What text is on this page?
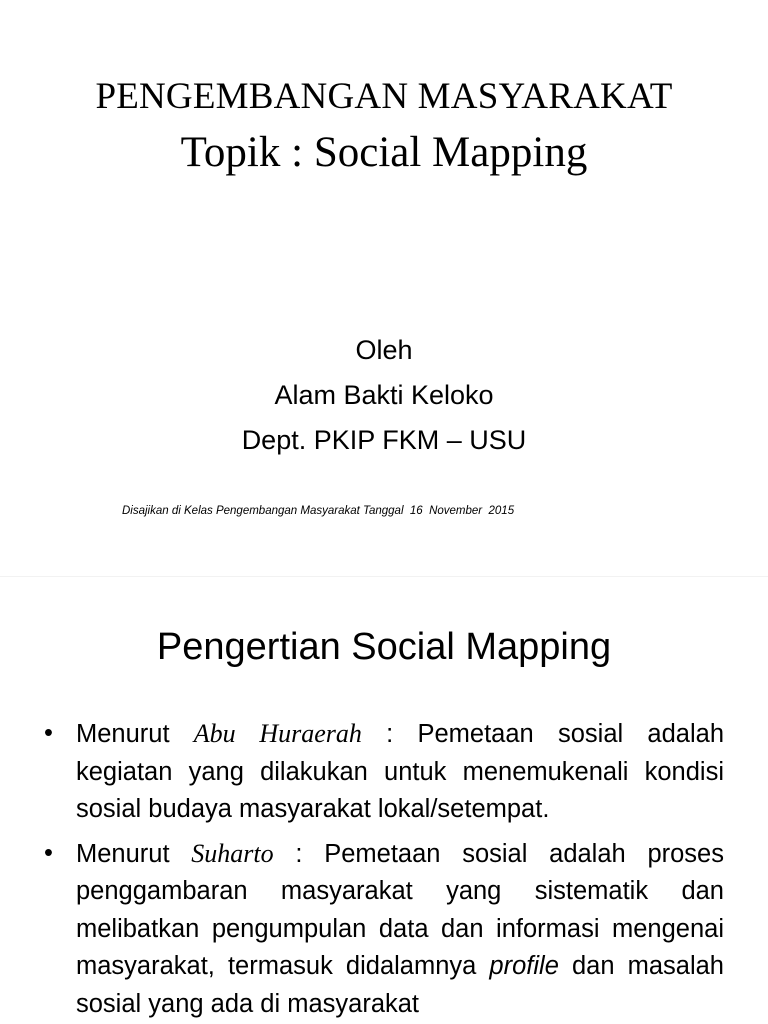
PENGEMBANGAN MASYARAKAT
Topik : Social Mapping
Oleh
Alam Bakti Keloko
Dept. PKIP FKM – USU
Disajikan di Kelas Pengembangan Masyarakat Tanggal  16  November  2015
Pengertian Social Mapping
• Menurut Abu Huraerah : Pemetaan sosial adalah kegiatan yang dilakukan untuk menemukenali kondisi sosial budaya masyarakat lokal/setempat.
• Menurut Suharto : Pemetaan sosial adalah proses penggambaran masyarakat yang sistematik dan melibatkan pengumpulan data dan informasi mengenai masyarakat, termasuk didalamnya profile dan masalah sosial yang ada di masyarakat
